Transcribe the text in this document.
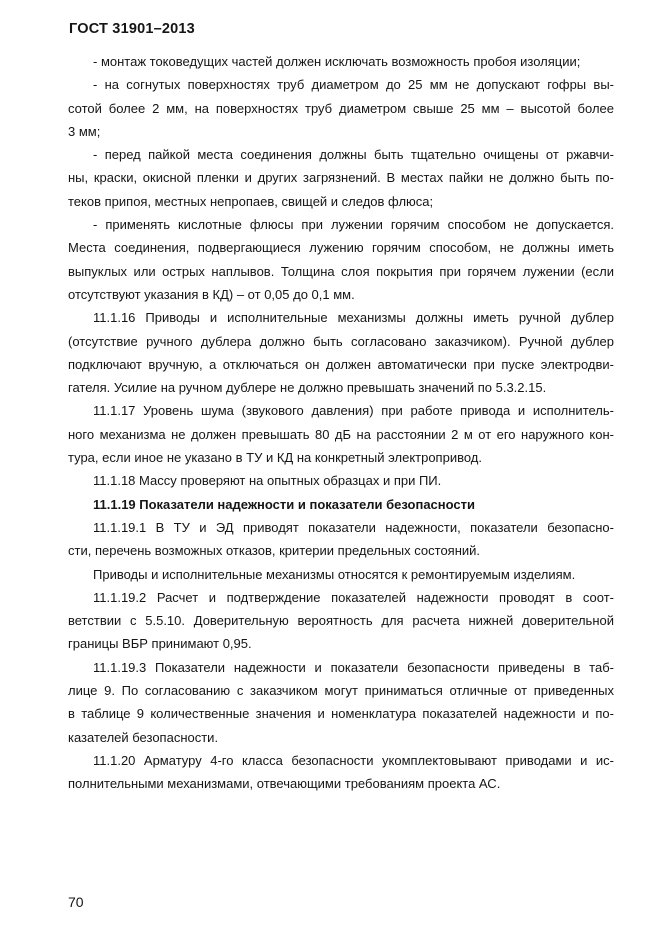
ГОСТ 31901–2013
- монтаж токоведущих частей должен исключать возможность пробоя изоляции;
- на согнутых поверхностях труб диаметром до 25 мм не допускают гофры вы-
сотой более 2 мм, на поверхностях труб диаметром свыше 25 мм – высотой более
3 мм;
- перед пайкой места соединения должны быть тщательно очищены от ржавчи-
ны, краски, окисной пленки и других загрязнений. В местах пайки не должно быть по-
теков припоя, местных непропаев, свищей и следов флюса;
- применять кислотные флюсы при лужении горячим способом не допускается.
Места соединения, подвергающиеся лужению горячим способом, не должны иметь
выпуклых или острых наплывов. Толщина слоя покрытия при горячем лужении (если
отсутствуют указания в КД) – от 0,05 до 0,1 мм.
11.1.16 Приводы и исполнительные механизмы должны иметь ручной дублер
(отсутствие ручного дублера должно быть согласовано заказчиком). Ручной дублер
подключают вручную, а отключаться он должен автоматически при пуске электродви-
гателя. Усилие на ручном дублере не должно превышать значений по 5.3.2.15.
11.1.17 Уровень шума (звукового давления) при работе привода и исполнитель-
ного механизма не должен превышать 80 дБ на расстоянии 2 м от его наружного кон-
тура, если иное не указано в ТУ и КД на конкретный электропривод.
11.1.18 Массу проверяют на опытных образцах и при ПИ.
11.1.19 Показатели надежности и показатели безопасности
11.1.19.1 В ТУ и ЭД приводят показатели надежности, показатели безопасно-
сти, перечень возможных отказов, критерии предельных состояний.
Приводы и исполнительные механизмы относятся к ремонтируемым изделиям.
11.1.19.2 Расчет и подтверждение показателей надежности проводят в соот-
ветствии с 5.5.10. Доверительную вероятность для расчета нижней доверительной
границы ВБР принимают 0,95.
11.1.19.3 Показатели надежности и показатели безопасности приведены в таб-
лице 9. По согласованию с заказчиком могут приниматься отличные от приведенных
в таблице 9 количественные значения и номенклатура показателей надежности и по-
казателей безопасности.
11.1.20 Арматуру 4-го класса безопасности укомплектовывают приводами и ис-
полнительными механизмами, отвечающими требованиям проекта АС.
70
